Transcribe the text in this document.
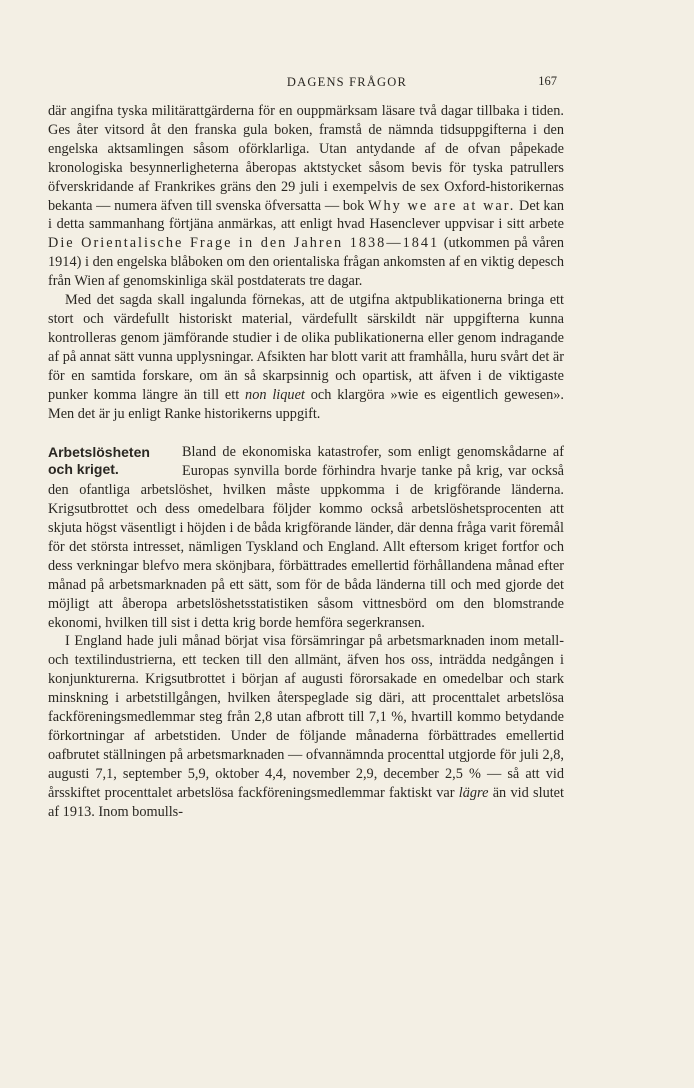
DAGENS FRÅGOR	167

där angifna tyska militärattgärderna för en ouppmärksam läsare två dagar tillbaka i tiden. Ges åter vitsord åt den franska gula boken, framstå de nämnda tidsuppgifterna i den engelska aktsamlingen såsom oförklarliga. Utan antydande af de ofvan påpekade kronologiska besynnerligheterna åberopas aktstycket såsom bevis för tyska patrullers öfverskridande af Frankrikes gräns den 29 juli i exempelvis de sex Oxford-historikernas bekanta — numera äfven till svenska öfversatta — bok Why we are at war. Det kan i detta sammanhang förtjäna anmärkas, att enligt hvad Hasenclever uppvisar i sitt arbete Die Orientalische Frage in den Jahren 1838—1841 (utkommen på våren 1914) i den engelska blåboken om den orientaliska frågan ankomsten af en viktig depesch från Wien af genomskinliga skäl postdaterats tre dagar.

Med det sagda skall ingalunda förnekas, att de utgifna aktpublikationerna bringa ett stort och värdefullt historiskt material, värdefullt särskildt när uppgifterna kunna kontrolleras genom jämförande studier i de olika publikationerna eller genom indragande af på annat sätt vunna upplysningar. Afsikten har blott varit att framhålla, huru svårt det är för en samtida forskare, om än så skarpsinnig och opartisk, att äfven i de viktigaste punker komma längre än till ett non liquet och klargöra »wie es eigentlich gewesen». Men det är ju enligt Ranke historikerns uppgift.

Arbetslösheten och kriget.

Bland de ekonomiska katastrofer, som enligt genomskådarne af Europas synvilla borde förhindra hvarje tanke på krig, var också den ofantliga arbetslöshet, hvilken måste uppkomma i de krigförande länderna. Krigsutbrottet och dess omedelbara följder kommo också arbetslöshetsprocenten att skjuta högst väsentligt i höjden i de båda krigförande länder, där denna fråga varit föremål för det största intresset, nämligen Tyskland och England. Allt eftersom kriget fortfor och dess verkningar blefvo mera skönjbara, förbättrades emellertid förhållandena månad efter månad på arbetsmarknaden på ett sätt, som för de båda länderna till och med gjorde det möjligt att åberopa arbetslöshetsstatistiken såsom vittnesbörd om den blomstrande ekonomi, hvilken till sist i detta krig borde hemföra segerkransen.

I England hade juli månad börjat visa försämringar på arbetsmarknaden inom metall- och textilindustrierna, ett tecken till den allmänt, äfven hos oss, inträdda nedgången i konjunkturerna. Krigsutbrottet i början af augusti förorsakade en omedelbar och stark minskning i arbetstillgången, hvilken återspeglade sig däri, att procenttalet arbetslösa fackföreningsmedlemmar steg från 2,8 utan afbrott till 7,1 %, hvartill kommo betydande förkortningar af arbetstiden. Under de följande månaderna förbättrades emellertid oafbrutet ställningen på arbetsmarknaden — ofvannämnda procenttal utgjorde för juli 2,8, augusti 7,1, september 5,9, oktober 4,4, november 2,9, december 2,5 % — så att vid årsskiftet procenttalet arbetslösa fackföreningsmedlemmar faktiskt var lägre än vid slutet af 1913. Inom bomulls-
